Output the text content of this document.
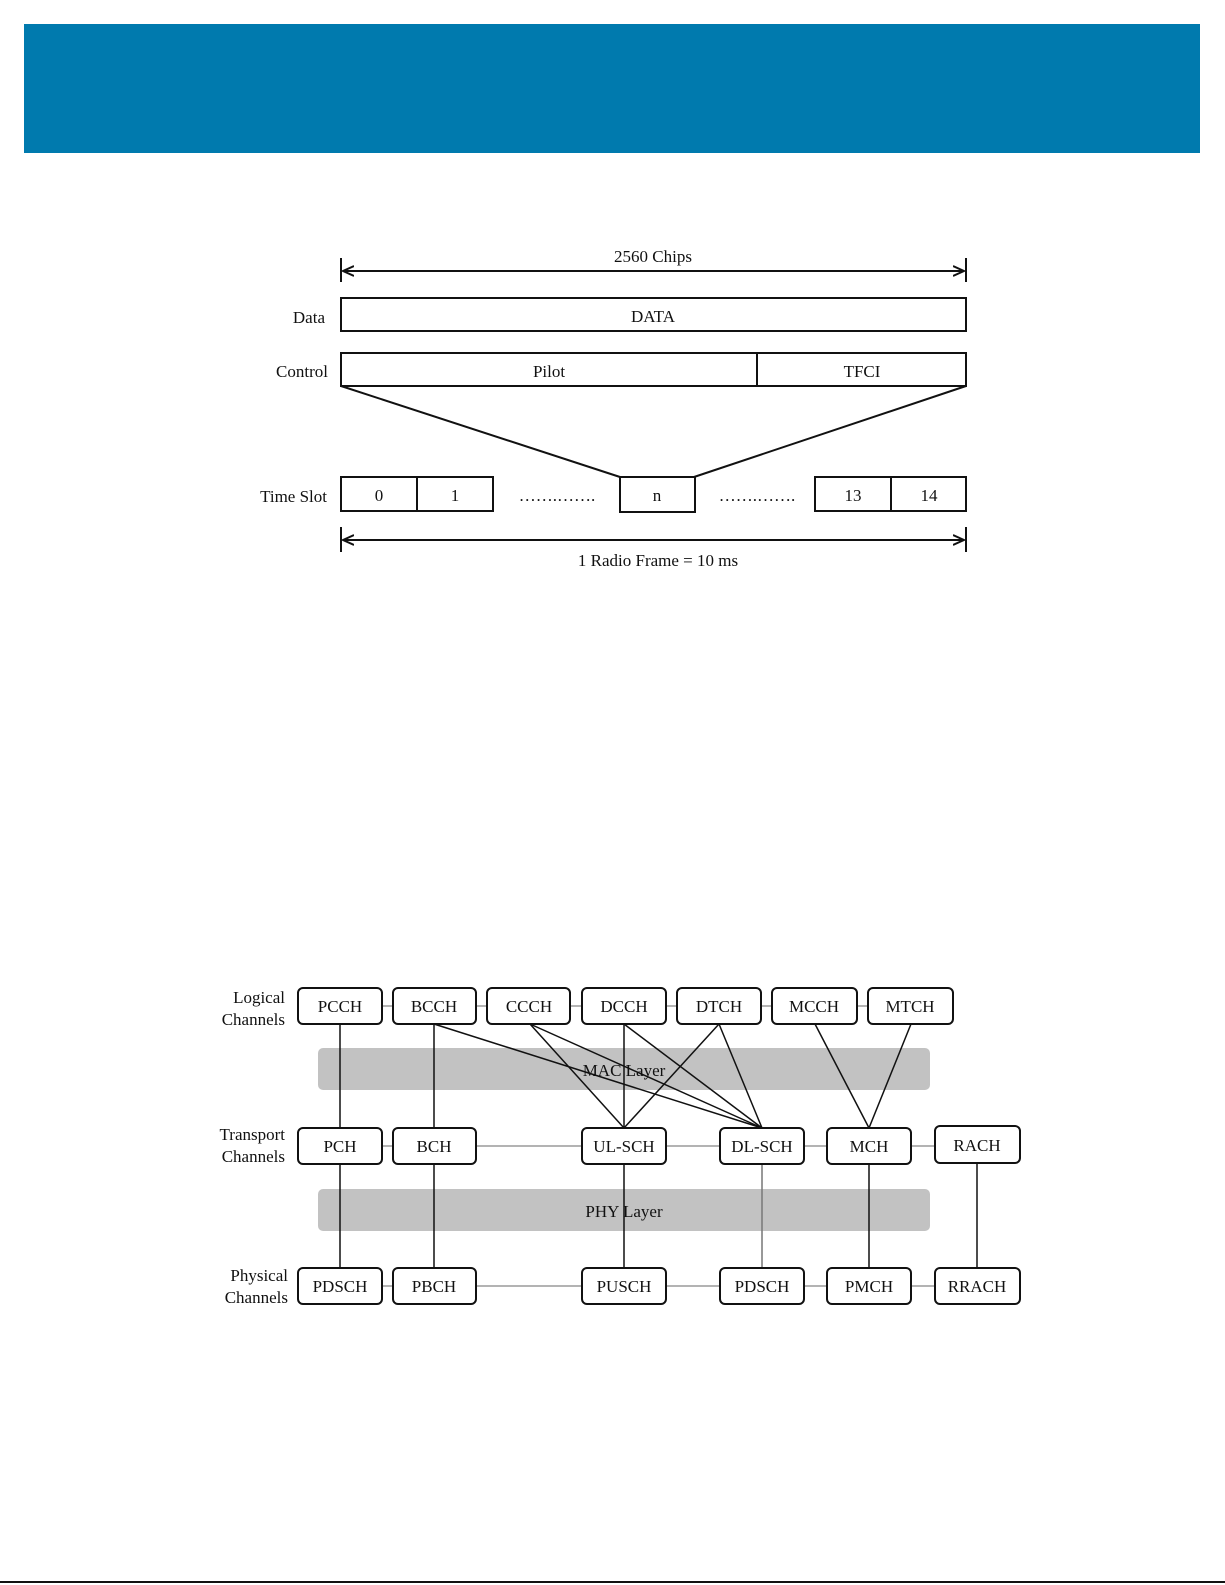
2560 Chips
Data	DATA
Control	Pilot	TFCI
Time Slot	0	1	…….…….	n	…….…….	13	14
1 Radio Frame = 10 ms
MAC Layer
PHY Layer
Logical
Channels
Transport
Channels
Physical
Channels
PCCH	BCCH	CCCH	DCCH	DTCH	MCCH	MTCH
PCH	BCH	UL-SCH	DL-SCH	MCH	RACH
PDSCH	PBCH	PUSCH	PDSCH	PMCH	RRACH
